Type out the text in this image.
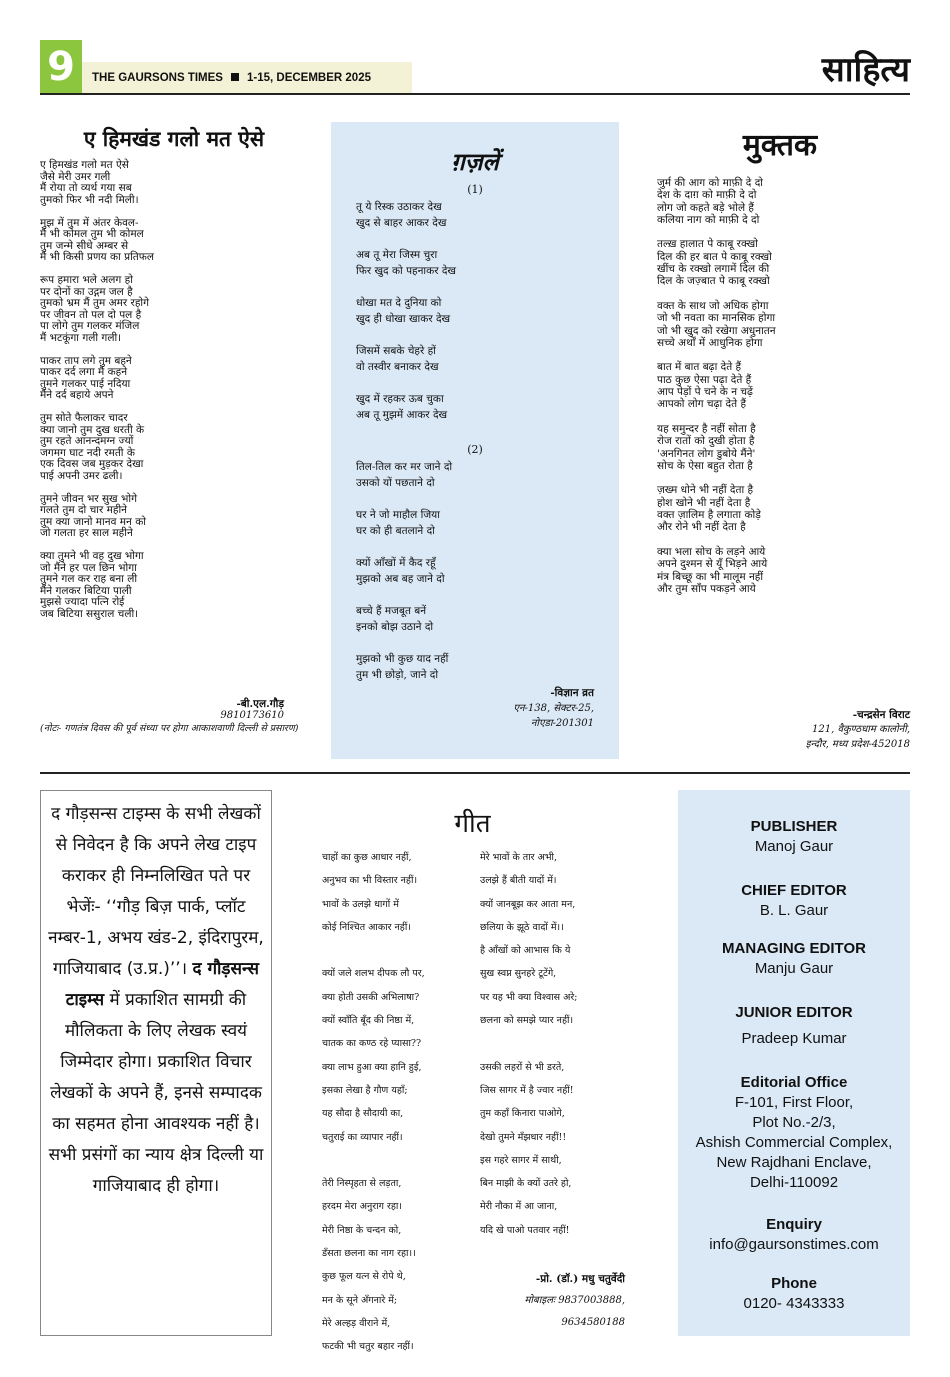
9	THE GAURSONS TIMES 1-15, DECEMBER 2025	साहित्य
ए हिमखंड गलो मत ऐसे
ए हिमखंड गलो मत ऐसे
जैसे मेरी उमर गली
मैं रोया तो व्यर्थ गया सब
तुमको फिर भी नदी मिली।

मुझ में तुम में अंतर केवल-
मैं भी कोमल तुम भी कोमल
तुम जन्मे सीधे अम्बर से
मैं भी किसी प्रणय का प्रतिफल

रूप हमारा भले अलग हो
पर दोनों का उद्गम जल है
तुमको भ्रम मैं तुम अमर रहोगे
पर जीवन तो पल दो पल है
पा लोगे तुम गलकर मंजिल
मैं भटकूंगा गली गली।

पाकर ताप लगे तुम बहने
पाकर दर्द लगा मैं कहने
तुमने गलकर पाई नदिया
मैंने दर्द बहाये अपने

तुम सोते फैलाकर चादर
क्या जानो तुम दुख धरती के
तुम रहते आनन्दमग्न ज्यों
जगमग घाट नदी रमती के
एक दिवस जब मुड़कर देखा
पाई अपनी उमर ढली।

तुमने जीवन भर सुख भोगे
गलते तुम दो चार महीने
तुम क्या जानो मानव मन को
जो गलता हर साल महीने

क्या तुमने भी वह दुख भोगा
जो मैंने हर पल छिन भोगा
तुमने गल कर राह बना ली
मैंने गलकर बिटिया पाली
मुझसे ज्यादा पत्नि रोई
जब बिटिया ससुराल चली।
-बी.एल.गौड़
9810173610
(नोटः- गणतंत्र दिवस की पूर्व संध्या पर होगा आकाशवाणी दिल्ली से प्रसारण)
ग़ज़लें
(1)
तू ये रिस्क उठाकर देख
खुद से बाहर आकर देख

अब तू मेरा जिस्म चुरा
फिर खुद को पहनाकर देख

धोखा मत दे दुनिया को
खुद ही धोखा खाकर देख

जिसमें सबके चेहरे हों
वो तस्वीर बनाकर देख

खुद में रहकर ऊब चुका
अब तू मुझमें आकर देख
(2)
तिल-तिल कर मर जाने दो
उसको यों पछताने दो

घर ने जो माहौल जिया
घर को ही बतलाने दो

क्यों आँखों में कैद रहूँ
मुझको अब बह जाने दो

बच्चे हैं मजबूत बनें
इनको बोझ उठाने दो

मुझको भी कुछ याद नहीं
तुम भी छोड़ो, जाने दो
-विज्ञान व्रत
एन-138, सेक्टर-25,
नोएडा-201301
मुक्तक
जुर्म की आग को माफ़ी दे दो
देश के दाग़ को माफ़ी दे दो
लोग जो कहते बड़े भोले हैं
कलिया नाग को माफ़ी दे दो

तल्ख़ हालात पे काबू रक्खो
दिल की हर बात पे काबू रक्खो
खींच के रक्खो लगामें दिल की
दिल के जज़्बात पे काबू रक्खो

वक्त के साथ जो अधिक होगा
जो भी नवता का मानसिक होगा
जो भी खुद को रखेगा अधुनातन
सच्चे अर्थों में आधुनिक होगा

बात में बात बढ़ा देते हैं
पाठ कुछ ऐसा पढ़ा देते हैं
आप पेड़ों पे चने के न चढ़ें
आपको लोग चढ़ा देते हैं

यह समुन्दर है नहीं सोता है
रोज रातों को दुखी होता है
'अनगिनत लोग डुबोये मैंने'
सोच के ऐसा बहुत रोता है

ज़ख्म धोने भी नहीं देता है
होश खोने भी नहीं देता है
वक्त ज़ालिम है लगाता कोड़े
और रोने भी नहीं देता है

क्या भला सोच के लड़ने आये
अपने दुश्मन से यूँ भिड़ने आये
मंत्र बिच्छू का भी मालूम नहीं
और तुम साँप पकड़ने आये
-चन्द्रसेन विराट
121, वैकुण्ठधाम कालोनी,
इन्दौर, मध्य प्रदेश-452018
द गौड़सन्स टाइम्स के सभी लेखकों से निवेदन है कि अपने लेख टाइप कराकर ही निम्नलिखित पते पर भेजेंः- ‘‘गौड़ बिज़ पार्क, प्लॉट नम्बर-1, अभय खंड-2, इंदिरापुरम, गाजियाबाद (उ.प्र.)’’। द गौड़सन्स टाइम्स में प्रकाशित सामग्री की मौलिकता के लिए लेखक स्वयं जिम्मेदार होगा। प्रकाशित विचार लेखकों के अपने हैं, इनसे सम्पादक का सहमत होना आवश्यक नहीं है। सभी प्रसंगों का न्याय क्षेत्र दिल्ली या गाजियाबाद ही होगा।
गीत
चाहों का कुछ आधार नहीं,
अनुभव का भी विस्तार नहीं।
भावों के उलझे धागों में
कोई निश्चित आकार नहीं।

क्यों जले शलभ दीपक लौ पर,
क्या होती उसकी अभिलाषा?
क्यों स्वाँति बूँद की निष्ठा में,
चातक का कण्ठ रहे प्यासा??
क्या लाभ हुआ क्या हानि हुई,
इसका लेखा है गौण यहाँ;
यह सौदा है सौदायी का,
चतुराई का व्यापार नहीं।

तेरी निस्पृहता से लड़ता,
हरदम मेरा अनुराग रहा।
मेरी निष्ठा के चन्दन को,
डँसता छलना का नाग रहा।।
कुछ फूल यत्न से रोपे थे,
मन के सूने अँगनारे में;
मेरे अल्हड़ वीराने में,
फटकी भी चतुर बहार नहीं।
मेरे भावों के तार अभी,
उलझे हैं बीती यादों में।
क्यों जानबूझ कर आता मन,
छलिया के झूठे वादों में।।
है आँखों को आभास कि ये
सुख स्वप्न सुनहरे टूटेंगे,
पर यह भी क्या विश्वास अरे;
छलना को समझे प्यार नहीं।

उसकी लहरों से भी डरते,
जिस सागर में है ज्वार नहीं!
तुम कहाँ किनारा पाओगे,
देखो तुमने मँझधार नहीं!!
इस गहरे सागर में साथी,
बिन माझी के क्यों उतरे हो,
मेरी नौका में आ जाना,
यदि खे पाओ पतवार नहीं!
-प्रो. (डॉ.) मधु चतुर्वेदी
मोबाइलः 9837003888,
9634580188
PUBLISHER
Manoj Gaur
CHIEF EDITOR
B. L. Gaur
MANAGING EDITOR
Manju Gaur
JUNIOR EDITOR
Pradeep Kumar
Editorial Office
F-101, First Floor,
Plot No.-2/3,
Ashish Commercial Complex,
New Rajdhani Enclave,
Delhi-110092
Enquiry
info@gaursonstimes.com
Phone
0120- 4343333
